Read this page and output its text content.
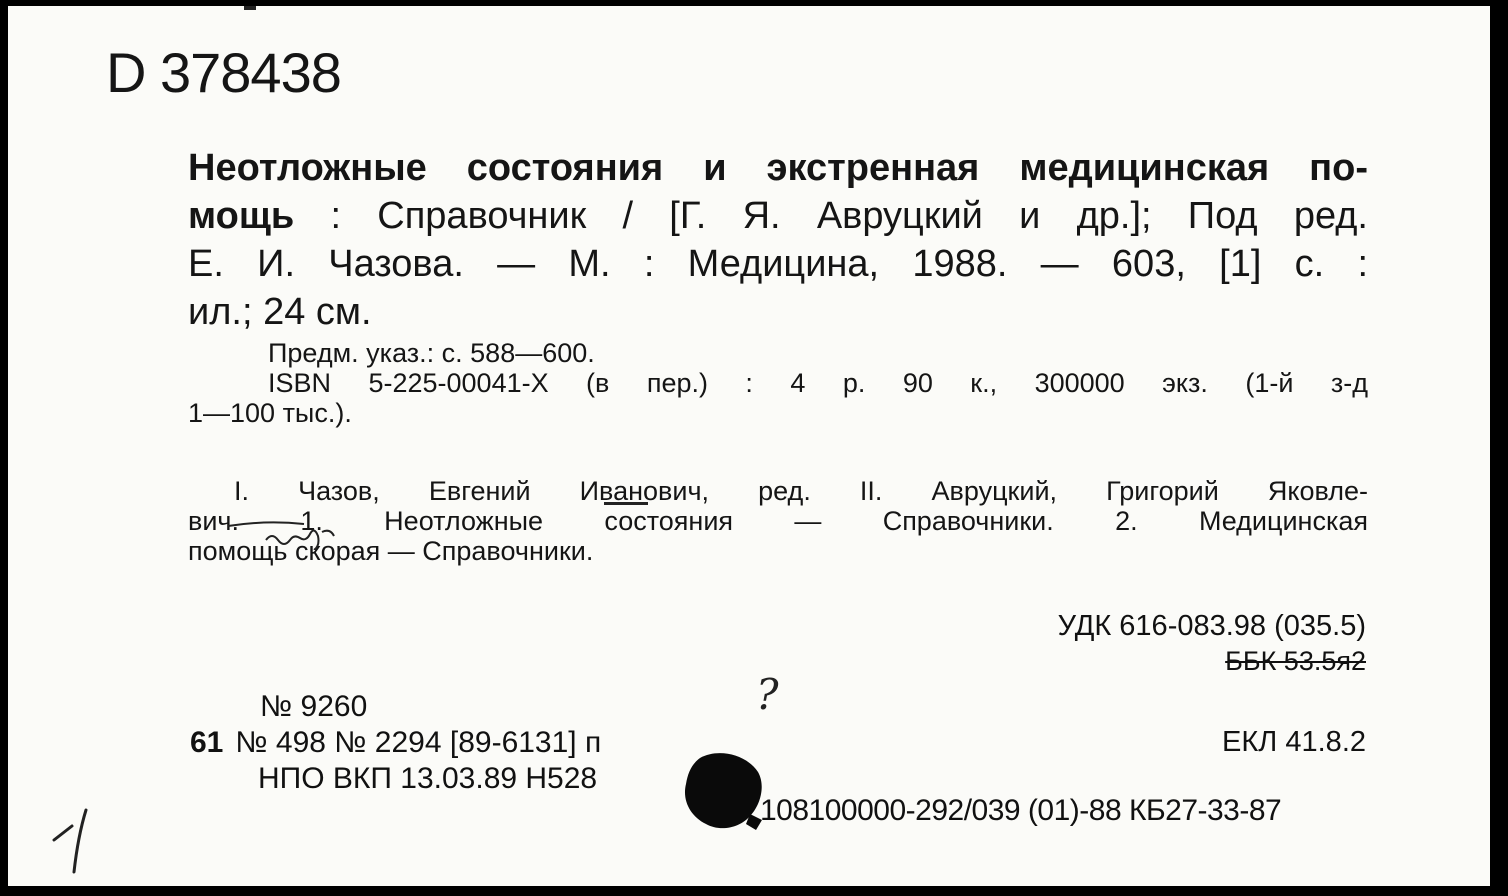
D 378438
Неотложные состояния и экстренная медицинская по-
мощь : Справочник / [Г. Я. Авруцкий и др.]; Под ред.
Е. И. Чазова. — М. : Медицина, 1988. — 603, [1] с. :
ил.; 24 см.
Предм. указ.: с. 588—600.
ISBN 5-225-00041-X (в пер.) : 4 р. 90 к., 300000 экз. (1-й з-д
1—100 тыс.).
I. Чазов, Евгений Иванович, ред. II. Авруцкий, Григорий Яковле-
вич. 1. Неотложные состояния — Справочники. 2. Медицинская
помощь скорая — Справочники.
УДК 616-083.98 (035.5)
ББК 53.5я2
?
№ 9260
61 № 498 № 2294 [89-6131] п
НПО ВКП 13.03.89 Н528
ЕКЛ 41.8.2
108100000-292/039 (01)-88 КБ27-33-87
